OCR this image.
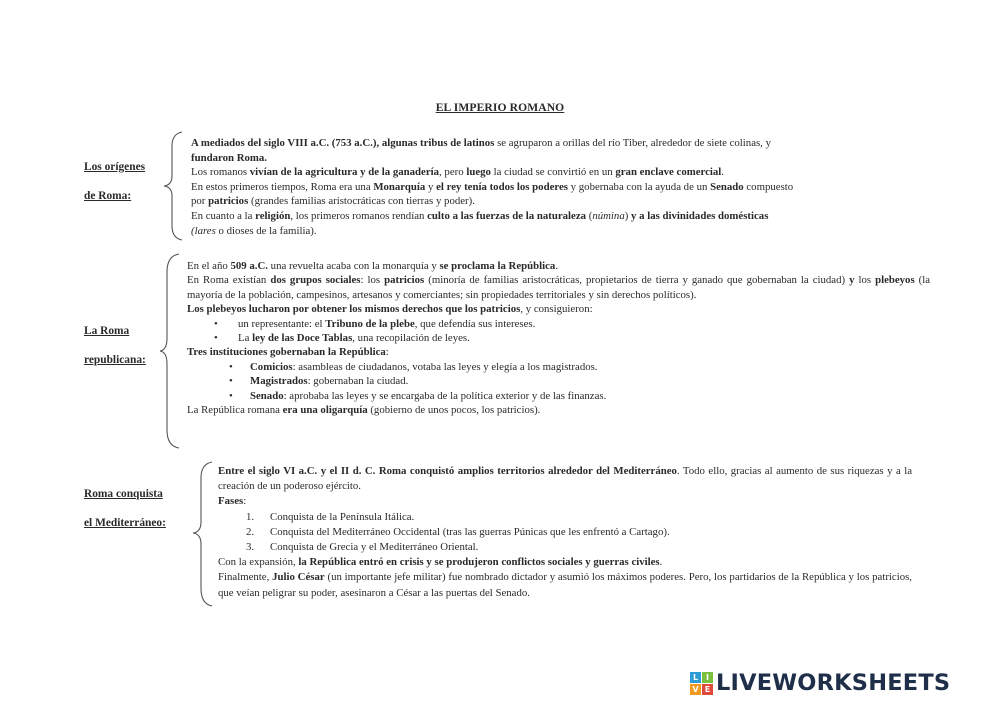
EL IMPERIO ROMANO
Los orígenes
de Roma:

A mediados del siglo VIII a.C. (753 a.C.), algunas tribus de latinos se agruparon a orillas del río Tiber, alrededor de siete colinas, y

fundaron Roma.

Los romanos vivían de la agricultura y de la ganadería, pero luego la ciudad se convirtió en un gran enclave comercial.

En estos primeros tiempos, Roma era una Monarquía y el rey tenía todos los poderes y gobernaba con la ayuda de un Senado compuesto

por patricios (grandes familias aristocráticas con tierras y poder).

En cuanto a la religión, los primeros romanos rendían culto a las fuerzas de la naturaleza (númina) y a las divinidades domésticas

(lares o dioses de la familia).

La Roma
republicana:

En el año 509 a.C. una revuelta acaba con la monarquía y se proclama la República.

En Roma existían dos grupos sociales: los patricios (minoría de familias aristocráticas, propietarios de tierra y ganado que gobernaban la ciudad) y los plebeyos (la mayoría de la población, campesinos, artesanos y comerciantes; sin propiedades territoriales y sin derechos políticos).

Los plebeyos lucharon por obtener los mismos derechos que los patricios, y consiguieron:

• un representante: el Tribuno de la plebe, que defendía sus intereses.

• La ley de las Doce Tablas, una recopilación de leyes.

Tres instituciones gobernaban la República:

• Comicios: asambleas de ciudadanos, votaba las leyes y elegía a los magistrados.

• Magistrados: gobernaban la ciudad.

• Senado: aprobaba las leyes y se encargaba de la política exterior y de las finanzas.

La República romana era una oligarquía (gobierno de unos pocos, los patricios).

Roma conquista
el Mediterráneo:

Entre el siglo VI a.C. y el II d. C. Roma conquistó amplios territorios alrededor del Mediterráneo. Todo ello, gracias al aumento de sus riquezas y a la creación de un poderoso ejército.

Fases:

1. Conquista de la Península Itálica.

2. Conquista del Mediterráneo Occidental (tras las guerras Púnicas que les enfrentó a Cartago).

3. Conquista de Grecia y el Mediterráneo Oriental.

Con la expansión, la República entró en crisis y se produjeron conflictos sociales y guerras civiles.

Finalmente, Julio César (un importante jefe militar) fue nombrado dictador y asumió los máximos poderes. Pero, los partidarios de la República y los patricios, que veían peligrar su poder, asesinaron a César a las puertas del Senado.

L I
V E LIVEWORKSHEETS
